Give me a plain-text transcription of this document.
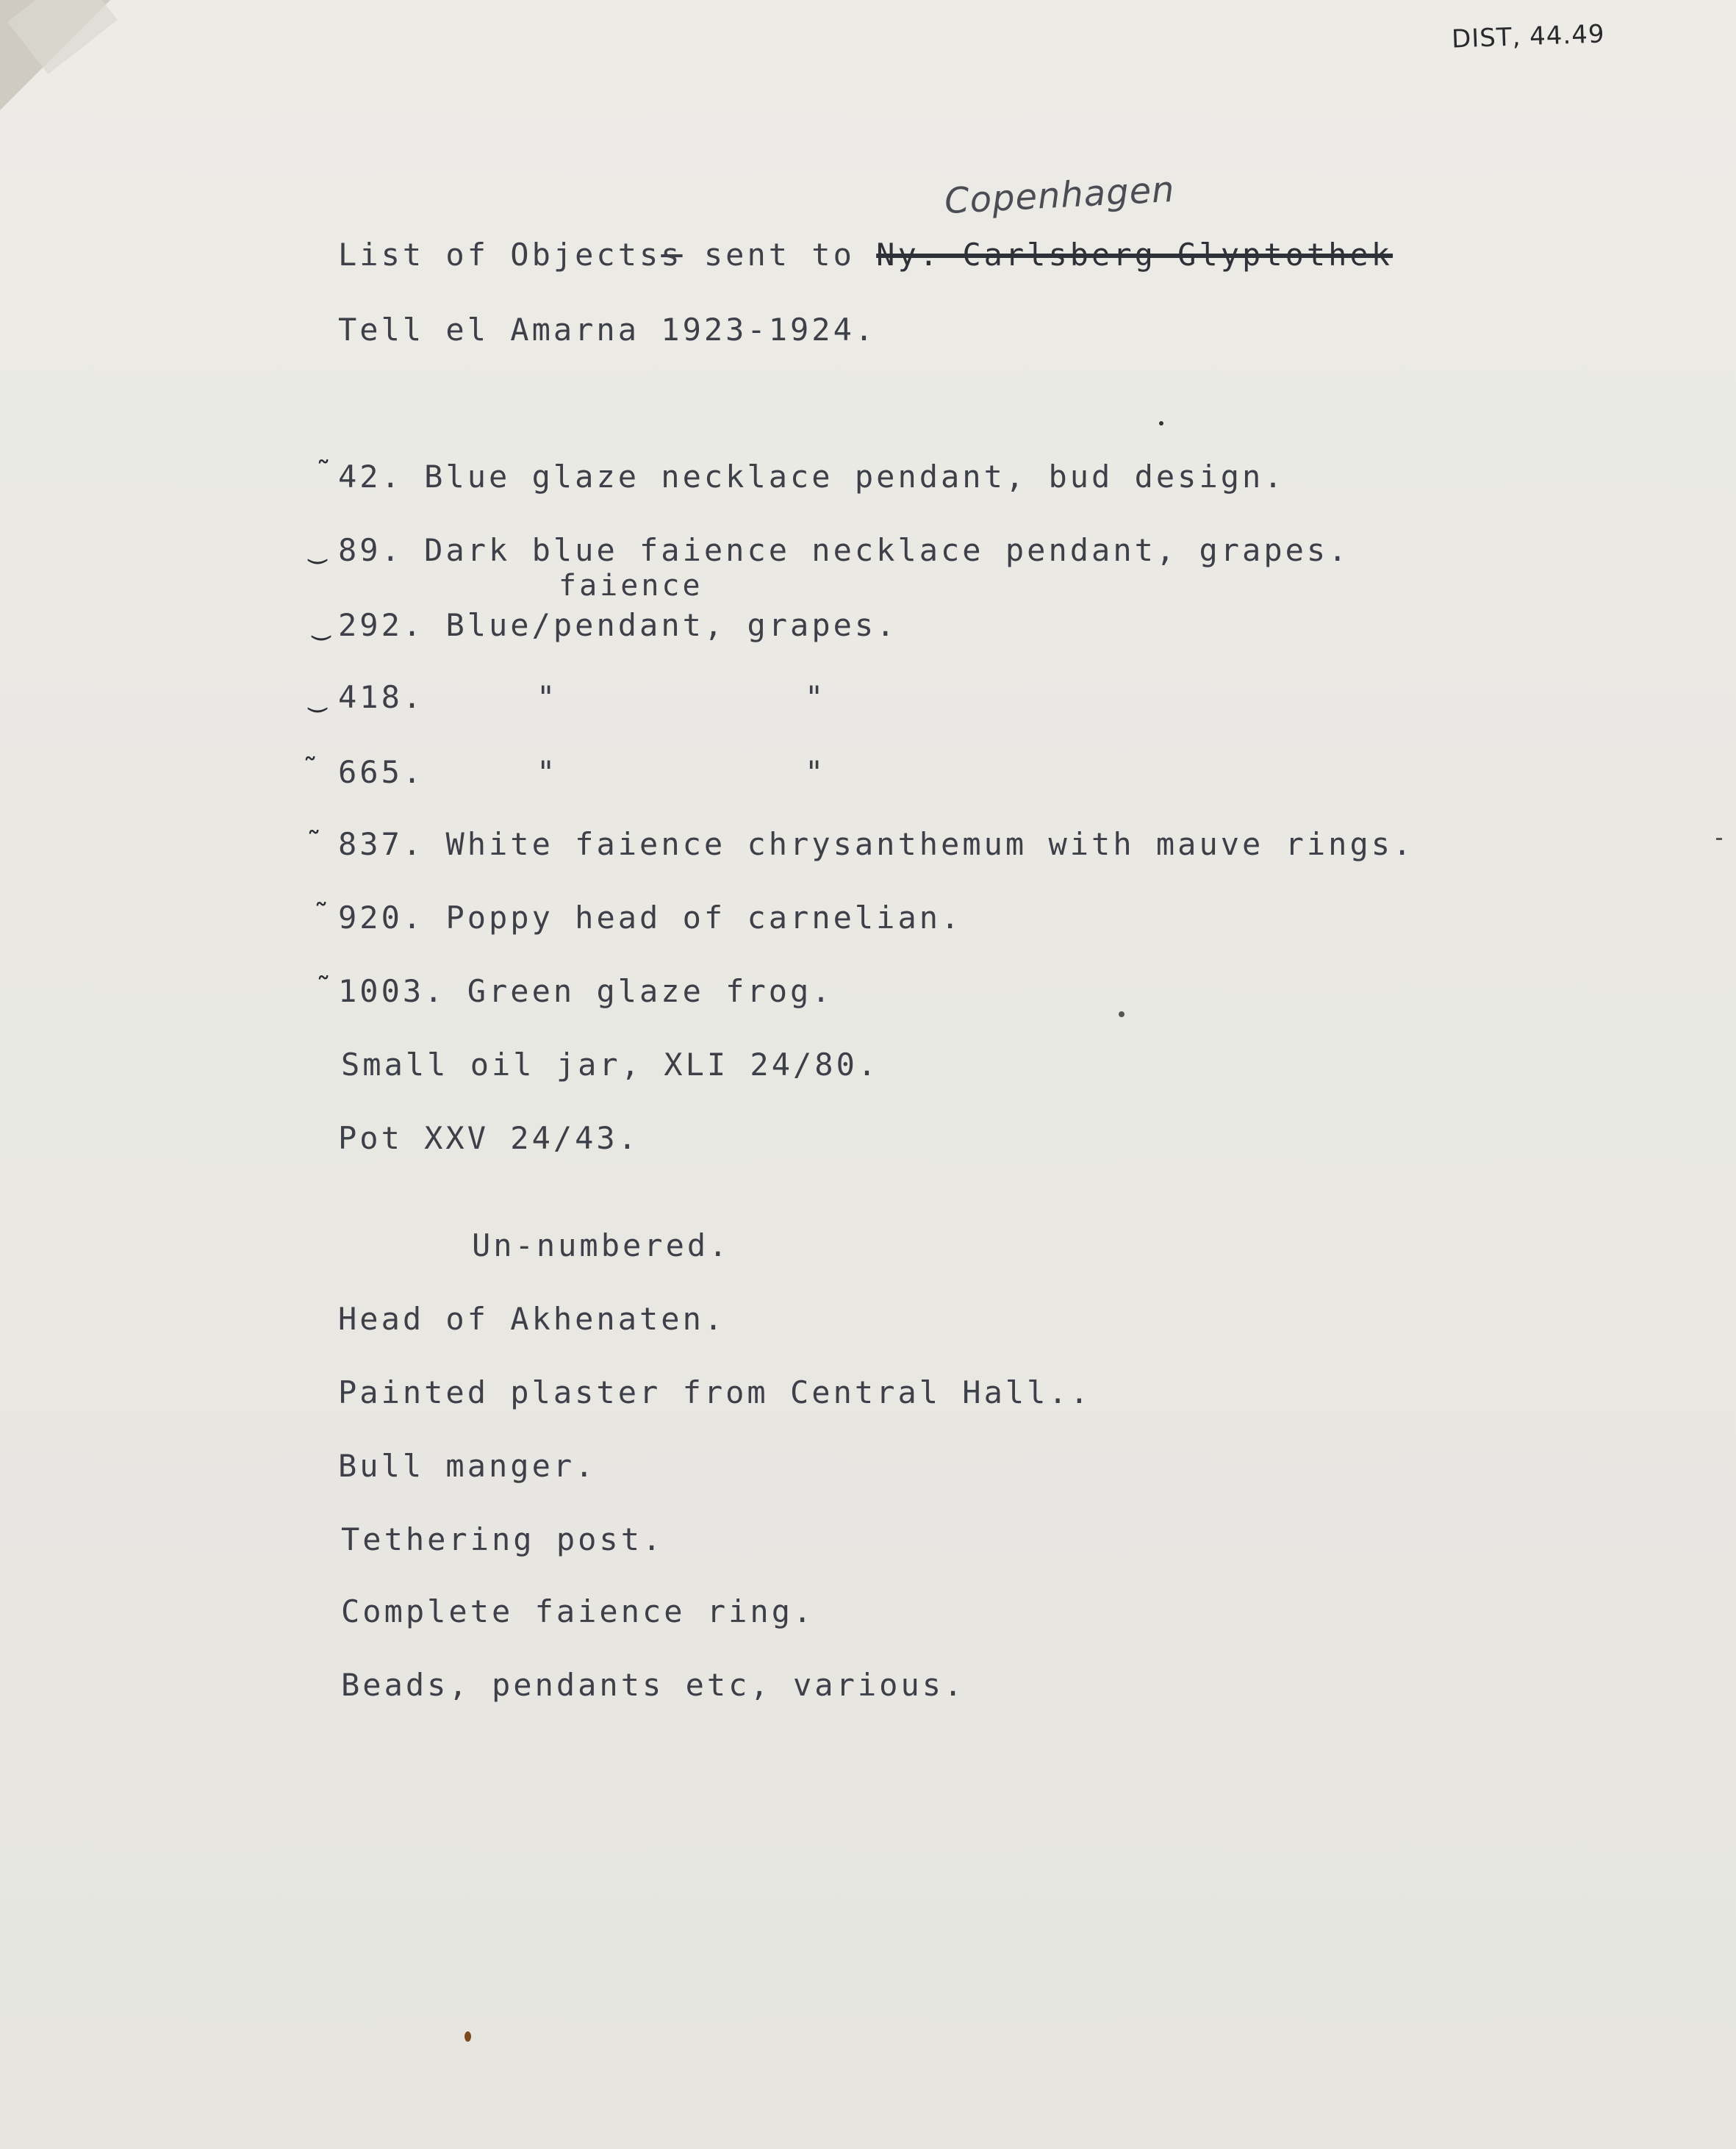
DIST, 44.49
Copenhagen
List of Objectss sent to Ny. Carlsberg Glyptothek
Tell el Amarna 1923-1924.
˜ 42. Blue glaze necklace pendant, bud design.
‿ 89. Dark blue faience necklace pendant, grapes.
faience
‿ 292. Blue/pendant, grapes.
‿ 418.	"	"
˜ 665.	"	"
˜ 837. White faience chrysanthemum with mauve rings.
˜ 920. Poppy head of carnelian.
˜ 1003. Green glaze frog.
Small oil jar, XLI 24/80.
Pot XXV 24/43.
Un-numbered.
Head of Akhenaten.
Painted plaster from Central Hall..
Bull manger.
Tethering post.
Complete faience ring.
Beads, pendants etc, various.
